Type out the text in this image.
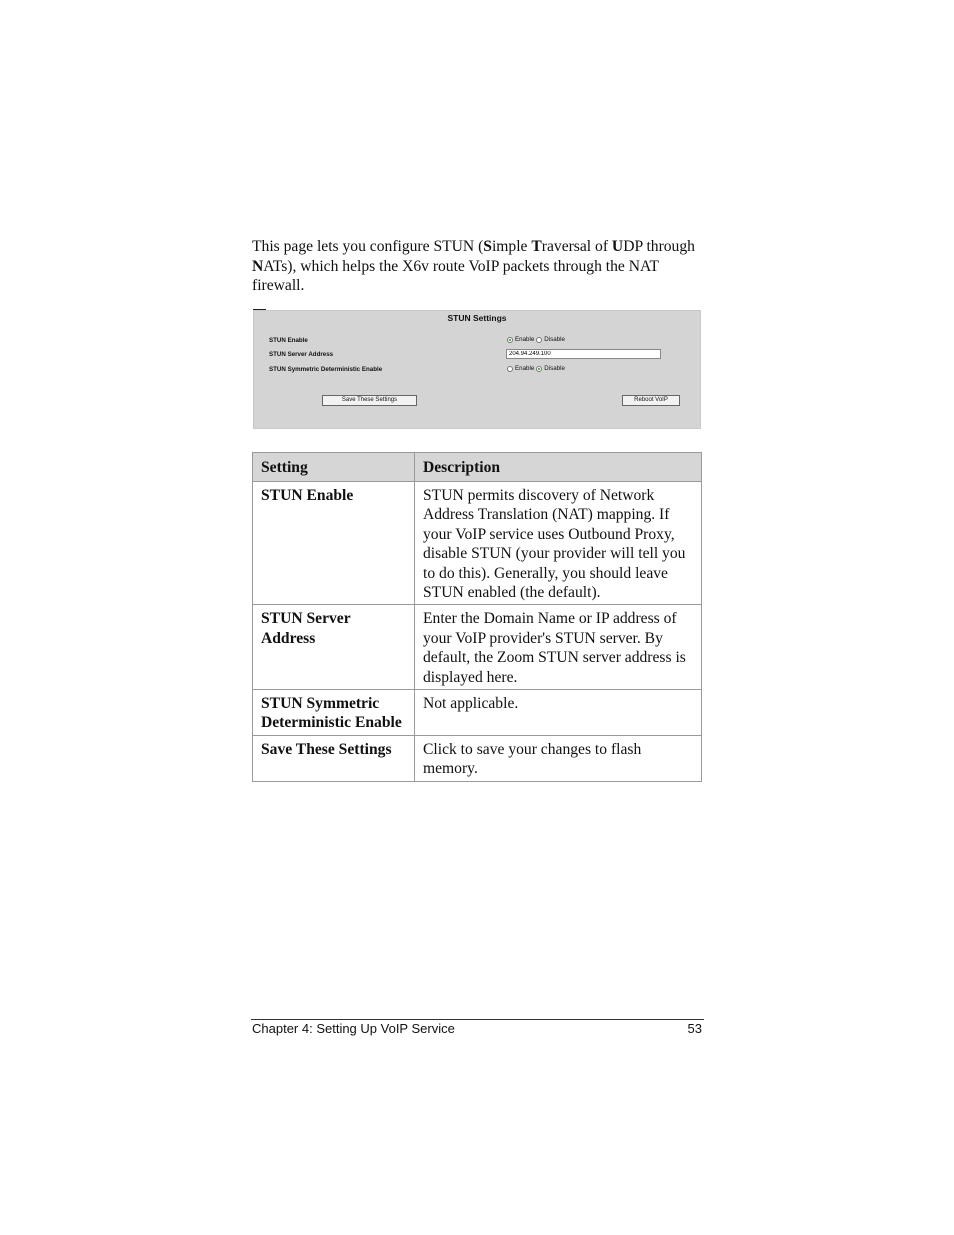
This page lets you configure STUN (Simple Traversal of UDP through NATs), which helps the X6v route VoIP packets through the NAT firewall.
STUN Settings
STUN Enable	Enable Disable
STUN Server Address
204.94.249.100
STUN Symmetric Deterministic Enable	Enable Disable
Save These Settings	Reboot VoIP
Setting	Description
STUN Enable	STUN permits discovery of Network Address Translation (NAT) mapping. If your VoIP service uses Outbound Proxy, disable STUN (your provider will tell you to do this). Generally, you should leave STUN enabled (the default).
STUN Server Address	Enter the Domain Name or IP address of your VoIP provider's STUN server. By default, the Zoom STUN server address is displayed here.
STUN Symmetric Deterministic Enable	Not applicable.
Save These Settings	Click to save your changes to flash memory.
Chapter 4: Setting Up VoIP Service	53
